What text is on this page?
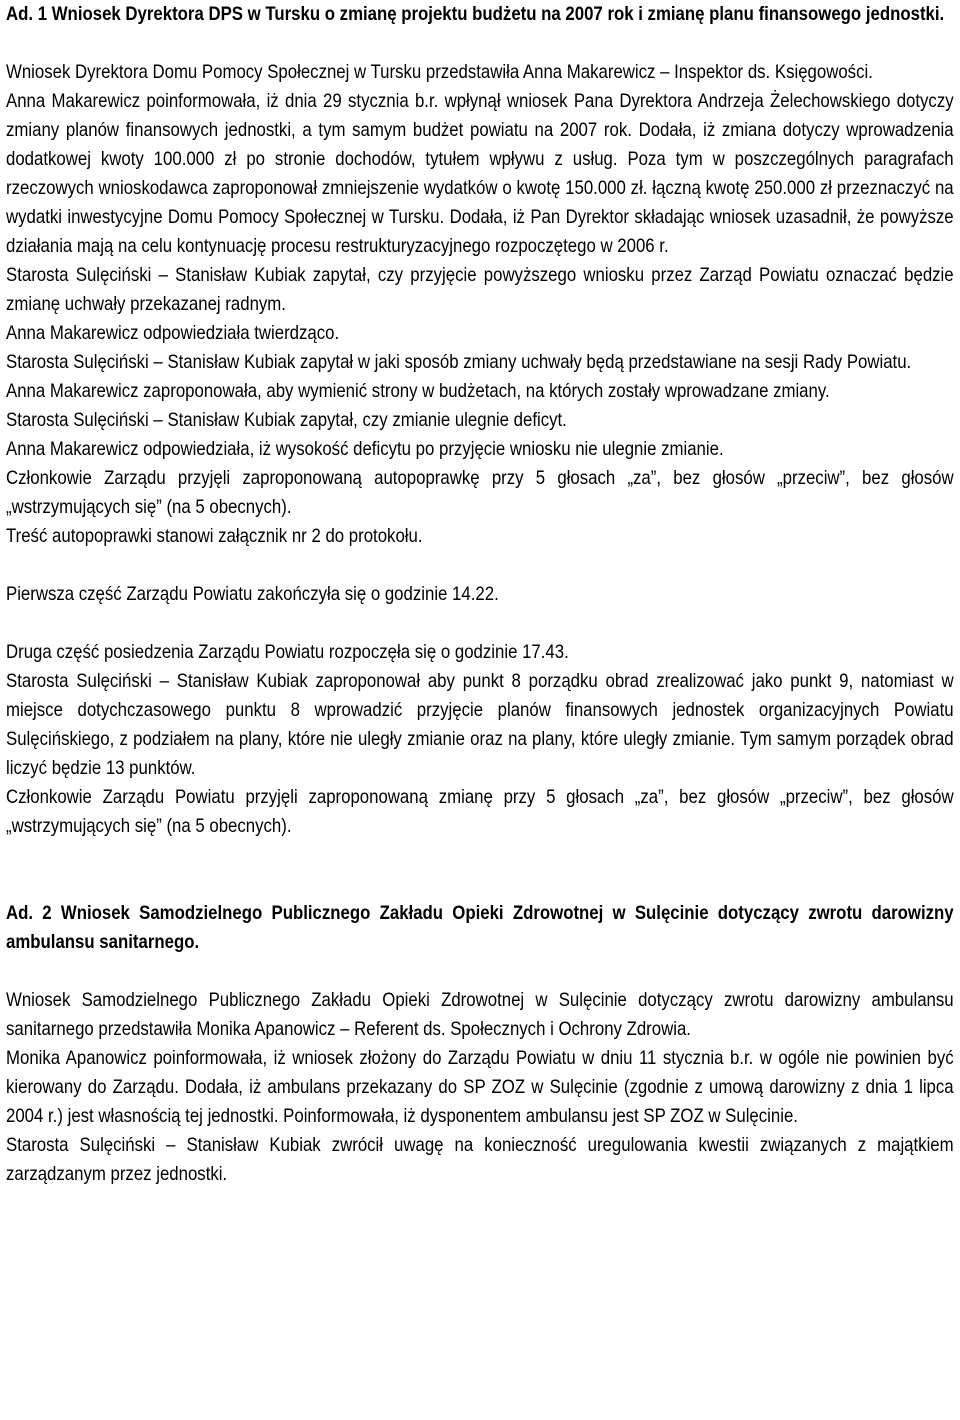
Ad. 1 Wniosek Dyrektora DPS w Tursku o zmianę projektu budżetu na 2007 rok i zmianę planu finansowego jednostki.

Wniosek Dyrektora Domu Pomocy Społecznej w Tursku przedstawiła Anna Makarewicz – Inspektor ds. Księgowości.

Anna Makarewicz poinformowała, iż dnia 29 stycznia b.r. wpłynął wniosek Pana Dyrektora Andrzeja Żelechowskiego dotyczy zmiany planów finansowych jednostki, a tym samym budżet powiatu na 2007 rok. Dodała, iż zmiana dotyczy wprowadzenia dodatkowej kwoty 100.000 zł po stronie dochodów, tytułem wpływu z usług. Poza tym w poszczególnych paragrafach rzeczowych wnioskodawca zaproponował zmniejszenie wydatków o kwotę 150.000 zł. łączną kwotę 250.000 zł przeznaczyć na wydatki inwestycyjne Domu Pomocy Społecznej w Tursku. Dodała, iż Pan Dyrektor składając wniosek uzasadnił, że powyższe działania mają na celu kontynuację procesu restrukturyzacyjnego rozpoczętego w 2006 r.

Starosta Sulęciński – Stanisław Kubiak zapytał, czy przyjęcie powyższego wniosku przez Zarząd Powiatu oznaczać będzie zmianę uchwały przekazanej radnym.

Anna Makarewicz odpowiedziała twierdząco.

Starosta Sulęciński – Stanisław Kubiak zapytał w jaki sposób zmiany uchwały będą przedstawiane na sesji Rady Powiatu.

Anna Makarewicz zaproponowała, aby wymienić strony w budżetach, na których zostały wprowadzane zmiany.

Starosta Sulęciński – Stanisław Kubiak zapytał, czy zmianie ulegnie deficyt.

Anna Makarewicz odpowiedziała, iż wysokość deficytu po przyjęcie wniosku nie ulegnie zmianie.

Członkowie Zarządu przyjęli zaproponowaną autopoprawkę przy 5 głosach „za”, bez głosów „przeciw”, bez głosów „wstrzymujących się” (na 5 obecnych).

Treść autopoprawki stanowi załącznik nr 2 do protokołu.

Pierwsza część Zarządu Powiatu zakończyła się o godzinie 14.22.

Druga część posiedzenia Zarządu Powiatu rozpoczęła się o godzinie 17.43.

Starosta Sulęciński – Stanisław Kubiak zaproponował aby punkt 8 porządku obrad zrealizować jako punkt 9, natomiast w miejsce dotychczasowego punktu 8 wprowadzić przyjęcie planów finansowych jednostek organizacyjnych Powiatu Sulęcińskiego, z podziałem na plany, które nie uległy zmianie oraz na plany, które uległy zmianie. Tym samym porządek obrad liczyć będzie 13 punktów.

Członkowie Zarządu Powiatu przyjęli zaproponowaną zmianę przy 5 głosach „za”, bez głosów „przeciw”, bez głosów „wstrzymujących się” (na 5 obecnych).

Ad. 2 Wniosek Samodzielnego Publicznego Zakładu Opieki Zdrowotnej w Sulęcinie dotyczący zwrotu darowizny ambulansu sanitarnego.

Wniosek Samodzielnego Publicznego Zakładu Opieki Zdrowotnej w Sulęcinie dotyczący zwrotu darowizny ambulansu sanitarnego przedstawiła Monika Apanowicz – Referent ds. Społecznych i Ochrony Zdrowia.

Monika Apanowicz poinformowała, iż wniosek złożony do Zarządu Powiatu w dniu 11 stycznia b.r. w ogóle nie powinien być kierowany do Zarządu. Dodała, iż ambulans przekazany do SP ZOZ w Sulęcinie (zgodnie z umową darowizny z dnia 1 lipca 2004 r.) jest własnością tej jednostki. Poinformowała, iż dysponentem ambulansu jest SP ZOZ w Sulęcinie.

Starosta Sulęciński – Stanisław Kubiak zwrócił uwagę na konieczność uregulowania kwestii związanych z majątkiem zarządzanym przez jednostki.
